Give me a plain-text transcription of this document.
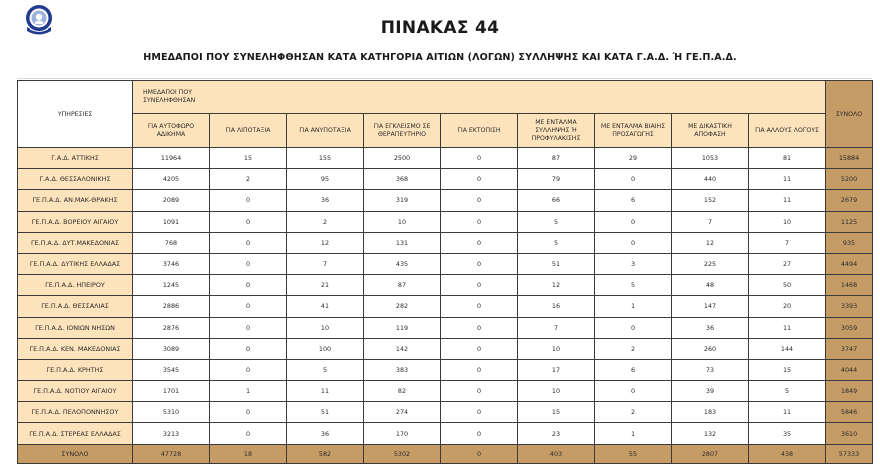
ΠΙΝΑΚΑΣ 44
ΗΜΕΔΑΠΟΙ ΠΟΥ ΣΥΝΕΛΗΦΘΗΣΑΝ ΚΑΤΑ ΚΑΤΗΓΟΡΙΑ ΑΙΤΙΩΝ (ΛΟΓΩΝ) ΣΥΛΛΗΨΗΣ ΚΑΙ ΚΑΤΑ Γ.Α.Δ. Ή ΓΕ.Π.Α.Δ.
ΥΠΗΡΕΣΙΕΣ	ΗΜΕΔΑΠΟΙ ΠΟΥ ΣΥΝΕΛΗΦΘΗΣΑΝ									ΣΥΝΟΛΟ
	ΓΙΑ ΑΥΤΟΦΩΡΟ ΑΔΙΚΗΜΑ	ΓΙΑ ΛΙΠΟΤΑΞΙΑ	ΓΙΑ ΑΝΥΠΟΤΑΞΙΑ	ΓΙΑ ΕΓΚΛΕΙΣΜΟ ΣΕ ΘΕΡΑΠΕΥΤΗΡΙΟ	ΓΙΑ ΕΚΤΟΠΙΣΗ	ΜΕ ΕΝΤΑΛΜΑ ΣΥΛΛΗΨΗΣ Ή ΠΡΟΦΥΛΑΚΙΣΗΣ	ΜΕ ΕΝΤΑΛΜΑ ΒΙΑΙΗΣ ΠΡΟΣΑΓΩΓΗΣ	ΜΕ ΔΙΚΑΣΤΙΚΗ ΑΠΟΦΑΣΗ	ΓΙΑ ΑΛΛΟΥΣ ΛΟΓΟΥΣ	
Γ.Α.Δ. ΑΤΤΙΚΗΣ	11964	15	155	2500	0	87	29	1053	81	15884
Γ.Α.Δ. ΘΕΣΣΑΛΟΝΙΚΗΣ	4205	2	95	368	0	79	0	440	11	5200
ΓΕ.Π.Α.Δ. ΑΝ.ΜΑΚ-ΘΡΑΚΗΣ	2089	0	36	319	0	66	6	152	11	2679
ΓΕ.Π.Α.Δ. ΒΟΡΕΙΟΥ ΑΙΓΑΙΟΥ	1091	0	2	10	0	5	0	7	10	1125
ΓΕ.Π.Α.Δ. ΔΥΤ.ΜΑΚΕΔΟΝΙΑΣ	768	0	12	131	0	5	0	12	7	935
ΓΕ.Π.Α.Δ. ΔΥΤΙΚΗΣ ΕΛΛΑΔΑΣ	3746	0	7	435	0	51	3	225	27	4494
ΓΕ.Π.Α.Δ. ΗΠΕΙΡΟΥ	1245	0	21	87	0	12	5	48	50	1468
ΓΕ.Π.Α.Δ. ΘΕΣΣΑΛΙΑΣ	2886	0	41	282	0	16	1	147	20	3393
ΓΕ.Π.Α.Δ. ΙΟΝΙΩΝ ΝΗΣΩΝ	2876	0	10	119	0	7	0	36	11	3059
ΓΕ.Π.Α.Δ. ΚΕΝ. ΜΑΚΕΔΟΝΙΑΣ	3089	0	100	142	0	10	2	260	144	3747
ΓΕ.Π.Α.Δ. ΚΡΗΤΗΣ	3545	0	5	383	0	17	6	73	15	4044
ΓΕ.Π.Α.Δ. ΝΟΤΙΟΥ ΑΙΓΑΙΟΥ	1701	1	11	82	0	10	0	39	5	1849
ΓΕ.Π.Α.Δ. ΠΕΛΟΠΟΝΝΗΣΟΥ	5310	0	51	274	0	15	2	183	11	5846
ΓΕ.Π.Α.Δ. ΣΤΕΡΕΑΣ ΕΛΛΑΔΑΣ	3213	0	36	170	0	23	1	132	35	3610
ΣΥΝΟΛΟ	47728	18	582	5302	0	403	55	2807	438	57333
